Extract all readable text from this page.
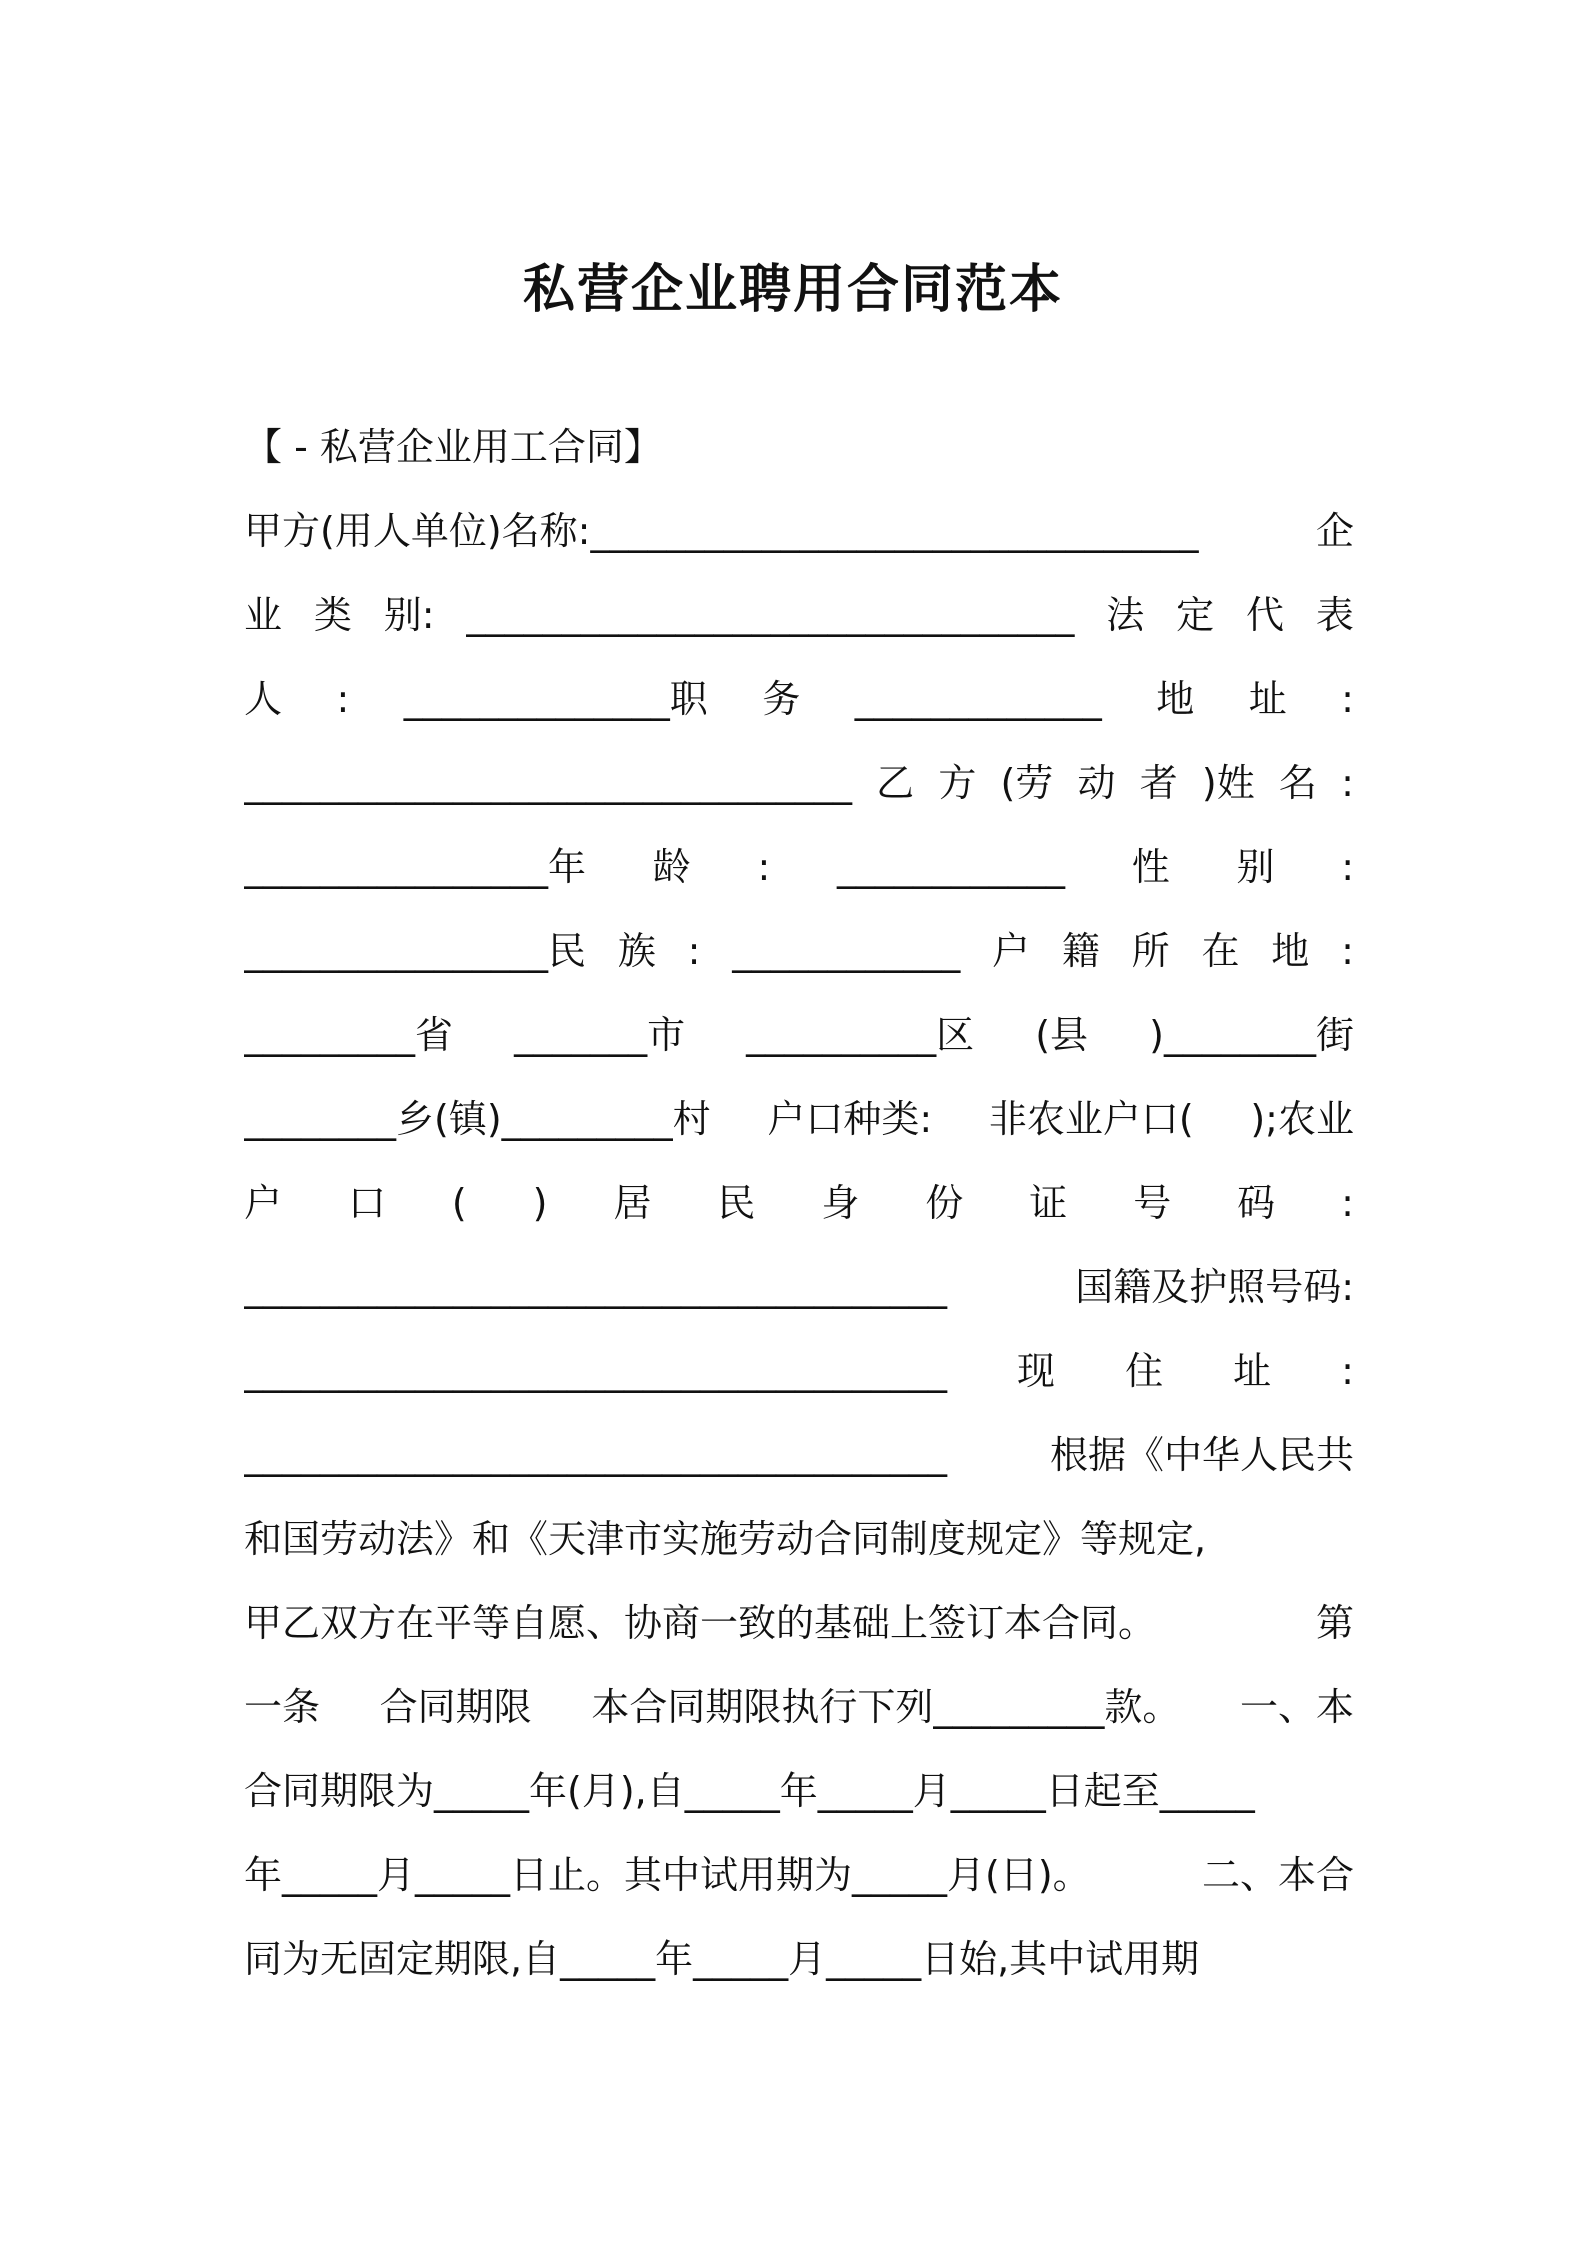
私营企业聘用合同范本
【 - 私营企业用工合同】
甲方(用人单位)名称:________________________________	企
业 类 别: ________________________________ 法 定 代 表
人 : ______________职 务 _____________ 地 址 :
________________________________ 乙 方 (劳 动 者 )姓 名 :
________________年 龄 : ____________ 性 别 :
________________民 族 : ____________ 户 籍 所 在 地 :
_________省 _______市 __________区 (县 )________街
________乡(镇)_________村 户口种类: 非农业户口( );农业
户 口 ( ) 居 民 身 份 证 号 码 :
_____________________________________	国籍及护照号码:
_____________________________________ 现 住 址 :
_____________________________________	根据《中华人民共
和国劳动法》和《天津市实施劳动合同制度规定》等规定,
甲乙双方在平等自愿、协商一致的基础上签订本合同。	第
一条 合同期限 本合同期限执行下列_________款。 一、本
合同期限为_____年(月),自_____年_____月_____日起至_____
年_____月_____日止。其中试用期为_____月(日)。	二、本合
同为无固定期限,自_____年_____月_____日始,其中试用期
